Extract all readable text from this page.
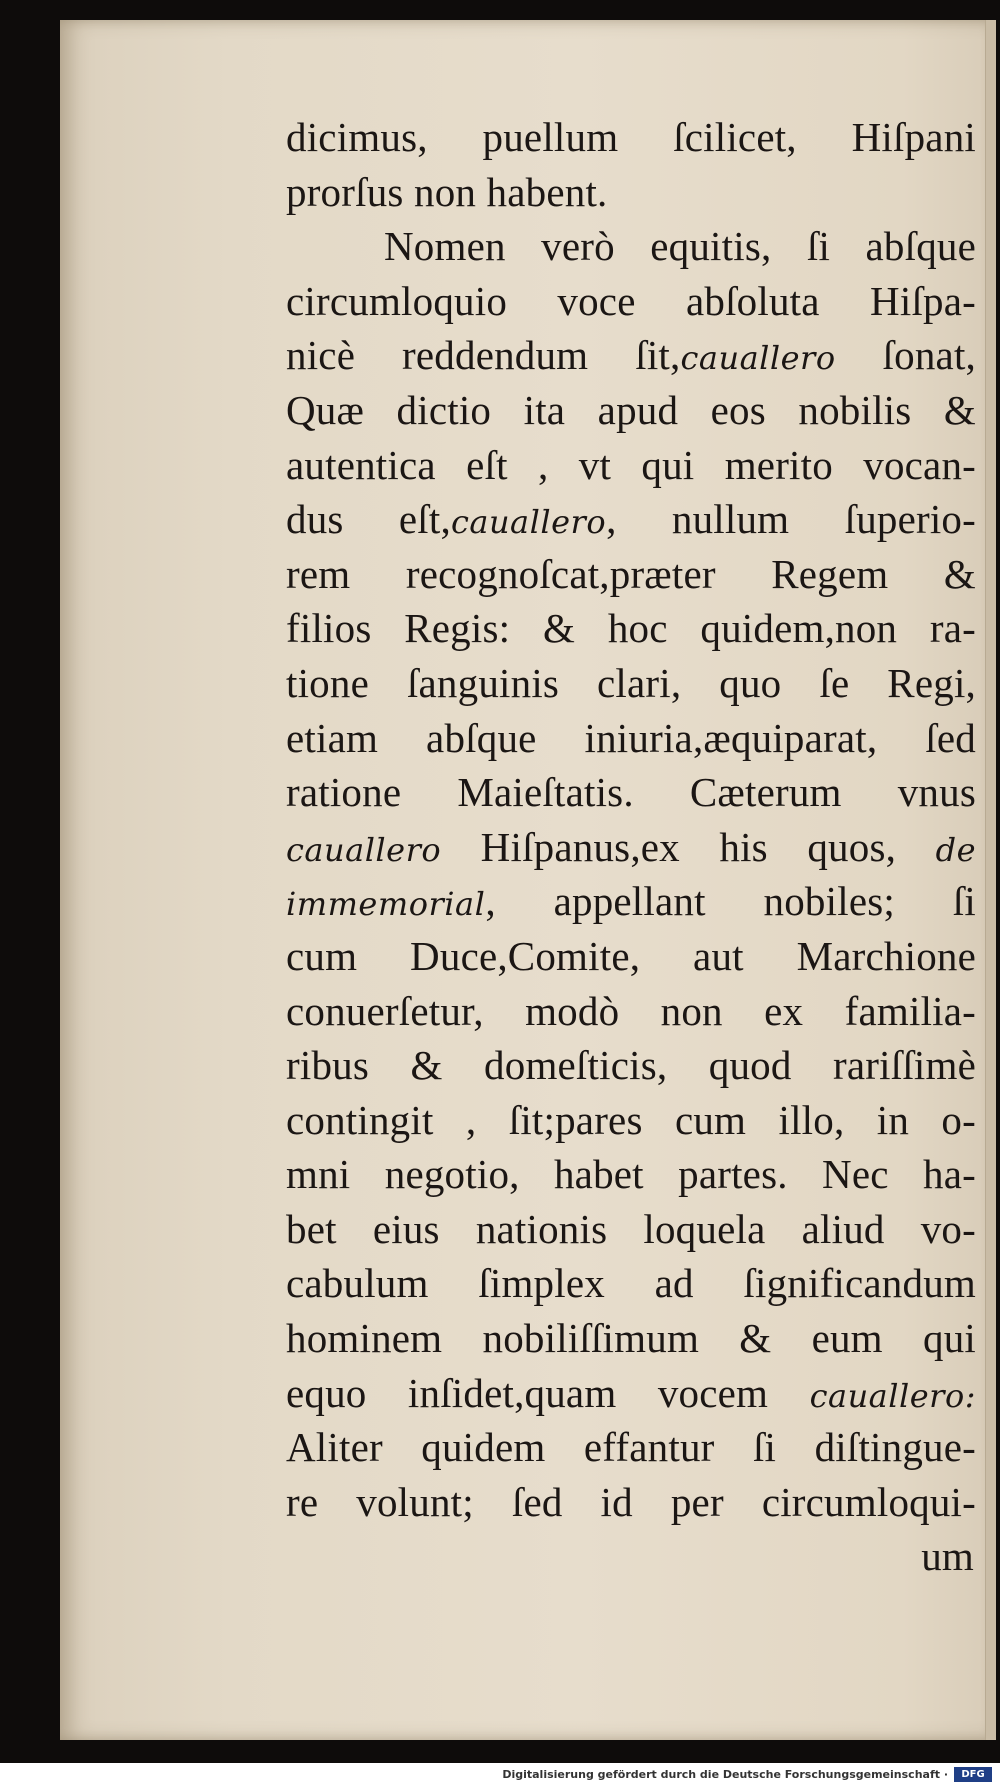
dicimus, puellum ſcilicet, Hiſpani
prorſus non habent.
Nomen verò equitis, ſi abſque
circumloquio voce abſoluta Hiſpa-
nicè reddendum ſit,cauallero ſonat,
Quæ dictio ita apud eos nobilis &
autentica eſt , vt qui merito vocan-
dus eſt,cauallero, nullum ſuperio-
rem recognoſcat,præter Regem &
filios Regis: & hoc quidem,non ra-
tione ſanguinis clari, quo ſe Regi,
etiam abſque iniuria,æquiparat, ſed
ratione Maieſtatis. Cæterum vnus
cauallero Hiſpanus,ex his quos, de
immemorial, appellant nobiles; ſi
cum Duce,Comite, aut Marchione
conuerſetur, modò non ex familia-
ribus & domeſticis, quod rariſſimè
contingit , ſit;pares cum illo, in o-
mni negotio, habet partes. Nec ha-
bet eius nationis loquela aliud vo-
cabulum ſimplex ad ſignificandum
hominem nobiliſſimum & eum qui
equo inſidet,quam vocem cauallero:
Aliter quidem effantur ſi diſtingue-
re volunt; ſed id per circumloqui-
um
Digitalisierung gefördert durch die Deutsche Forschungsgemeinschaft ·	DFG
